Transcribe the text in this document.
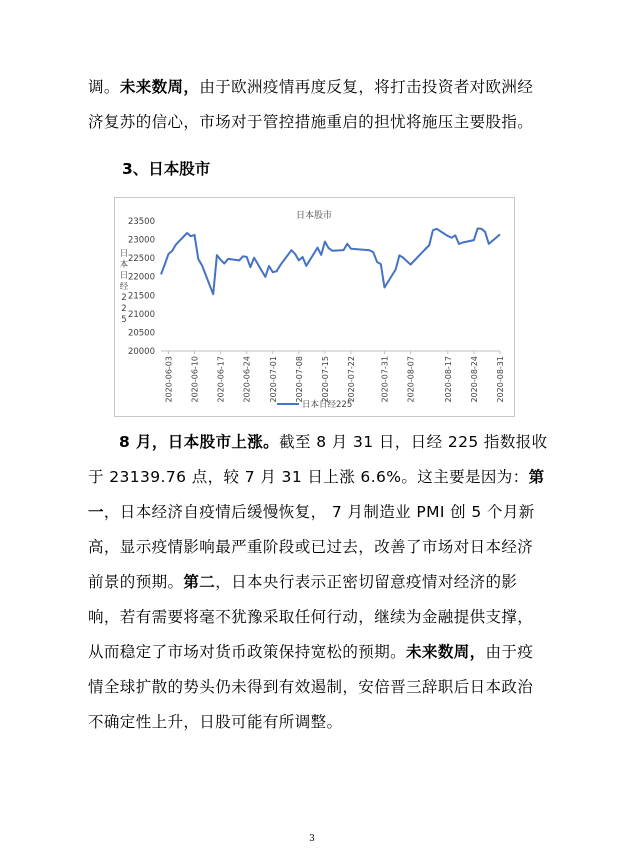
调。未来数周，由于欧洲疫情再度反复，将打击投资者对欧洲经济复苏的信心，市场对于管控措施重启的担忧将施压主要股指。
3、日本股市
日本股市
日本日经 2 2 5
20000
20500
21000
21500
22000
22500
23000
23500
2020-06-03 2020-06-10 2020-06-17 2020-06-24 2020-07-01 2020-07-08 2020-07-15 2020-07-22	2020-07-31 2020-08-07	2020-08-17 2020-08-24 2020-08-31
日本日经225
8 月，日本股市上涨。截至 8 月 31 日，日经 225 指数报收于 23139.76 点，较 7 月 31 日上涨 6.6%。这主要是因为：第一，日本经济自疫情后缓慢恢复， 7 月制造业 PMI 创 5 个月新高，显示疫情影响最严重阶段或已过去，改善了市场对日本经济前景的预期。第二，日本央行表示正密切留意疫情对经济的影响，若有需要将毫不犹豫采取任何行动，继续为金融提供支撑，从而稳定了市场对货币政策保持宽松的预期。未来数周，由于疫情全球扩散的势头仍未得到有效遏制，安倍晋三辞职后日本政治不确定性上升，日股可能有所调整。
3
